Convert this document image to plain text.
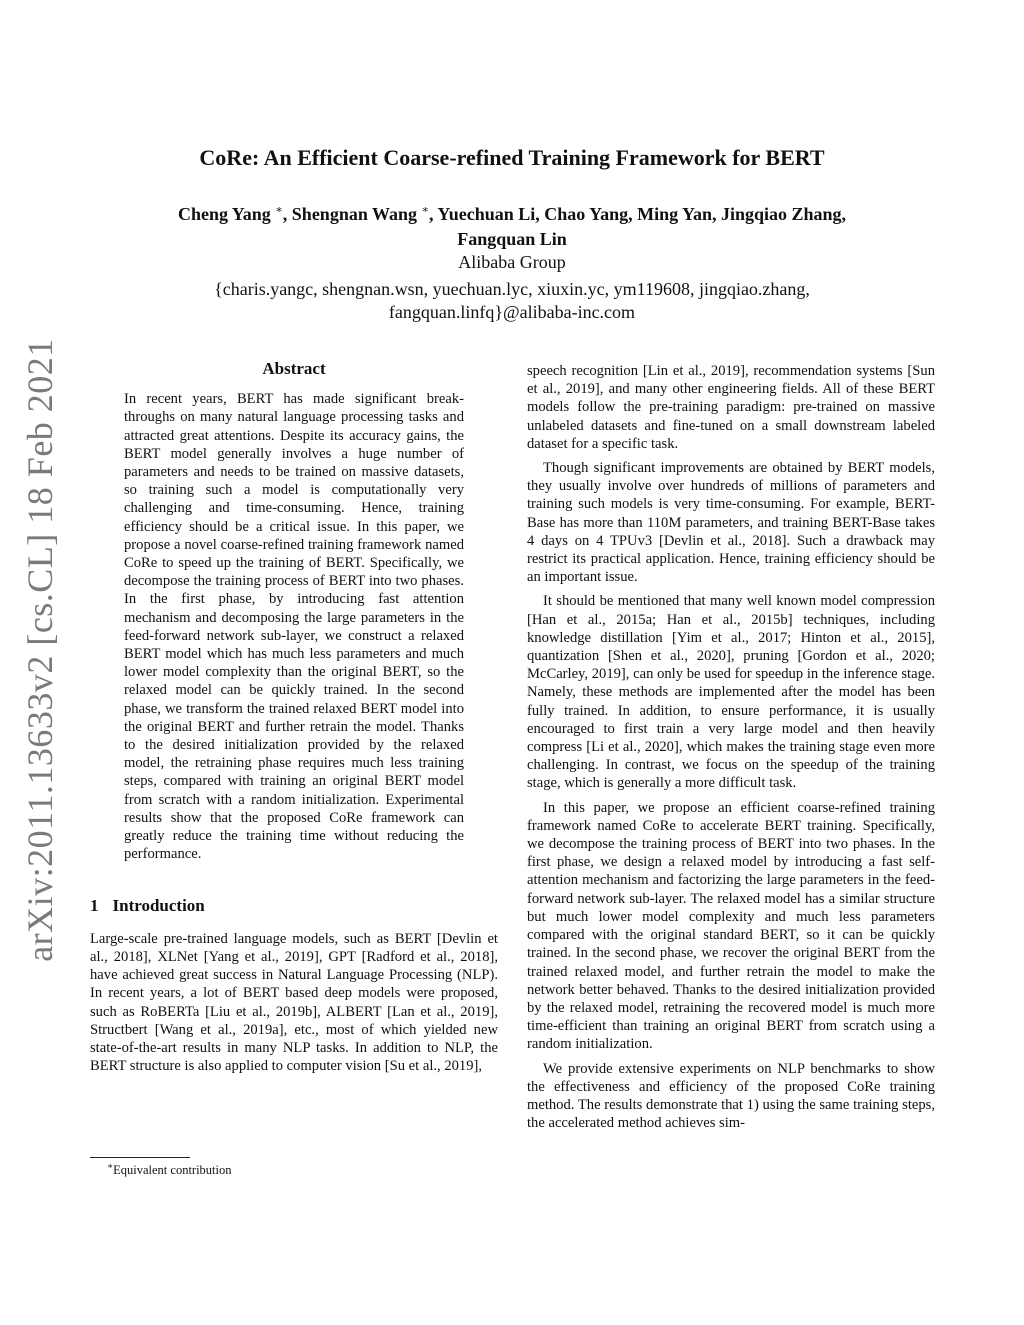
arXiv:2011.13633v2 [cs.CL] 18 Feb 2021
CoRe: An Efficient Coarse-refined Training Framework for BERT
Cheng Yang ∗, Shengnan Wang ∗, Yuechuan Li, Chao Yang, Ming Yan, Jingqiao Zhang, Fangquan Lin
Alibaba Group
{charis.yangc, shengnan.wsn, yuechuan.lyc, xiuxin.yc, ym119608, jingqiao.zhang, fangquan.linfq}@alibaba-inc.com
Abstract

In recent years, BERT has made significant break-throughs on many natural language processing tasks and attracted great attentions. Despite its accuracy gains, the BERT model generally involves a huge number of parameters and needs to be trained on massive datasets, so training such a model is computationally very challenging and time-consuming. Hence, training efficiency should be a critical issue. In this paper, we propose a novel coarse-refined training framework named CoRe to speed up the training of BERT. Specifically, we decompose the training process of BERT into two phases. In the first phase, by introducing fast attention mechanism and decomposing the large parameters in the feed-forward network sub-layer, we construct a relaxed BERT model which has much less parameters and much lower model complexity than the original BERT, so the relaxed model can be quickly trained. In the second phase, we transform the trained relaxed BERT model into the original BERT and further retrain the model. Thanks to the desired initialization provided by the relaxed model, the retraining phase requires much less training steps, compared with training an original BERT model from scratch with a random initialization. Experimental results show that the proposed CoRe framework can greatly reduce the training time without reducing the performance.

1 Introduction

Large-scale pre-trained language models, such as BERT [Devlin et al., 2018], XLNet [Yang et al., 2019], GPT [Radford et al., 2018], have achieved great success in Natural Language Processing (NLP). In recent years, a lot of BERT based deep models were proposed, such as RoBERTa [Liu et al., 2019b], ALBERT [Lan et al., 2019], Structbert [Wang et al., 2019a], etc., most of which yielded new state-of-the-art results in many NLP tasks. In addition to NLP, the BERT structure is also applied to computer vision [Su et al., 2019],

speech recognition [Lin et al., 2019], recommendation systems [Sun et al., 2019], and many other engineering fields. All of these BERT models follow the pre-training paradigm: pre-trained on massive unlabeled datasets and fine-tuned on a small downstream labeled dataset for a specific task.

Though significant improvements are obtained by BERT models, they usually involve over hundreds of millions of parameters and training such models is very time-consuming. For example, BERT-Base has more than 110M parameters, and training BERT-Base takes 4 days on 4 TPUv3 [Devlin et al., 2018]. Such a drawback may restrict its practical application. Hence, training efficiency should be an important issue.

It should be mentioned that many well known model compression [Han et al., 2015a; Han et al., 2015b] techniques, including knowledge distillation [Yim et al., 2017; Hinton et al., 2015], quantization [Shen et al., 2020], pruning [Gordon et al., 2020; McCarley, 2019], can only be used for speedup in the inference stage. Namely, these methods are implemented after the model has been fully trained. In addition, to ensure performance, it is usually encouraged to first train a very large model and then heavily compress [Li et al., 2020], which makes the training stage even more challenging. In contrast, we focus on the speedup of the training stage, which is generally a more difficult task.

In this paper, we propose an efficient coarse-refined training framework named CoRe to accelerate BERT training. Specifically, we decompose the training process of BERT into two phases. In the first phase, we design a relaxed model by introducing a fast self-attention mechanism and factorizing the large parameters in the feed-forward network sub-layer. The relaxed model has a similar structure but much lower model complexity and much less parameters compared with the original standard BERT, so it can be quickly trained. In the second phase, we recover the original BERT from the trained relaxed model, and further retrain the model to make the network better behaved. Thanks to the desired initialization provided by the relaxed model, retraining the recovered model is much more time-efficient than training an original BERT from scratch using a random initialization.

We provide extensive experiments on NLP benchmarks to show the effectiveness and efficiency of the proposed CoRe training method. The results demonstrate that 1) using the same training steps, the accelerated method achieves sim-

∗Equivalent contribution
